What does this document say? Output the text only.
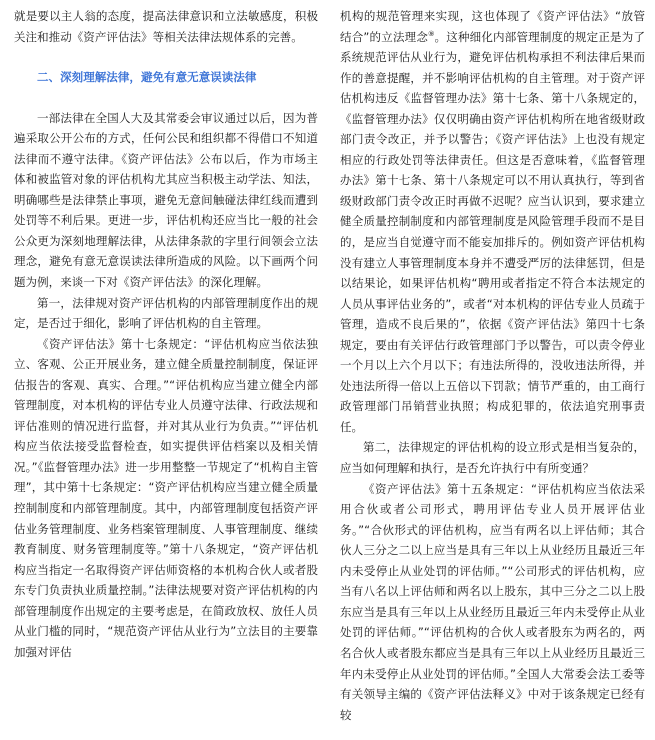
就是要以主人翁的态度，提高法律意识和立法敏感度，积极关注和推动《资产评估法》等相关法律法规体系的完善。

二、深刻理解法律，避免有意无意误读法律

一部法律在全国人大及其常委会审议通过以后，因为普遍采取公开公布的方式，任何公民和组织都不得借口不知道法律而不遵守法律。《资产评估法》公布以后，作为市场主体和被监管对象的评估机构尤其应当积极主动学法、知法，明确哪些是法律禁止事项，避免无意间触碰法律红线而遭到处罚等不利后果。更进一步，评估机构还应当比一般的社会公众更为深刻地理解法律，从法律条款的字里行间领会立法理念，避免有意无意误读法律所造成的风险。以下画两个问题为例，来谈一下对《资产评估法》的深化理解。

第一，法律规对资产评估机构的内部管理制度作出的规定，是否过于细化，影响了评估机构的自主管理。

《资产评估法》第十七条规定：“评估机构应当依法独立、客观、公正开展业务，建立健全质量控制制度，保证评估报告的客观、真实、合理。”“评估机构应当建立健全内部管理制度，对本机构的评估专业人员遵守法律、行政法规和评估准则的情况进行监督，并对其从业行为负责。”“评估机构应当依法接受监督检查，如实提供评估档案以及相关情况。”《监督管理办法》进一步用整整一节规定了“机构自主管理”，其中第十七条规定：“资产评估机构应当建立健全质量控制制度和内部管理制度。其中，内部管理制度包括资产评估业务管理制度、业务档案管理制度、人事管理制度、继续教育制度、财务管理制度等。”第十八条规定，“资产评估机构应当指定一名取得资产评估师资格的本机构合伙人或者股东专门负责执业质量控制。”法律法规要对资产评估机构的内部管理制度作出规定的主要考虑是，在简政放权、放任人员从业门槛的同时，“规范资产评估从业行为”立法目的主要靠加强对评估

机构的规范管理来实现，这也体现了《资产评估法》“放管结合”的立法理念⑨。这种细化内部管理制度的规定正是为了系统规范评估从业行为，避免评估机构承担不利法律后果而作的善意提醒，并不影响评估机构的自主管理。对于资产评估机构违反《监督管理办法》第十七条、第十八条规定的，《监督管理办法》仅仅明确由资产评估机构所在地省级财政部门责令改正，并予以警告；《资产评估法》上也没有规定相应的行政处罚等法律责任。但这是否意味着，《监督管理办法》第十七条、第十八条规定可以不用认真执行，等到省级财政部门责令改正时再做不迟呢？应当认识到，要求建立健全质量控制制度和内部管理制度是风险管理手段而不是目的，是应当自觉遵守而不能妄加排斥的。例如资产评估机构没有建立人事管理制度本身并不遭受严厉的法律惩罚，但是以结果论，如果评估机构“聘用或者指定不符合本法规定的人员从事评估业务的”，或者“对本机构的评估专业人员疏于管理，造成不良后果的”，依据《资产评估法》第四十七条规定，要由有关评估行政管理部门予以警告，可以责令停业一个月以上六个月以下；有违法所得的，没收违法所得，并处违法所得一倍以上五倍以下罚款；情节严重的，由工商行政管理部门吊销营业执照；构成犯罪的，依法追究刑事责任。

第二，法律规定的评估机构的设立形式是相当复杂的，应当如何理解和执行，是否允许执行中有所变通？

《资产评估法》第十五条规定：“评估机构应当依法采用合伙或者公司形式，聘用评估专业人员开展评估业务。”“合伙形式的评估机构，应当有两名以上评估师；其合伙人三分之二以上应当是具有三年以上从业经历且最近三年内未受停止从业处罚的评估师。”“公司形式的评估机构，应当有八名以上评估师和两名以上股东，其中三分之二以上股东应当是具有三年以上从业经历且最近三年内未受停止从业处罚的评估师。”“评估机构的合伙人或者股东为两名的，两名合伙人或者股东都应当是具有三年以上从业经历且最近三年内未受停止从业处罚的评估师。”全国人大常委会法工委等有关领导主编的《资产评估法释义》中对于该条规定已经有较
